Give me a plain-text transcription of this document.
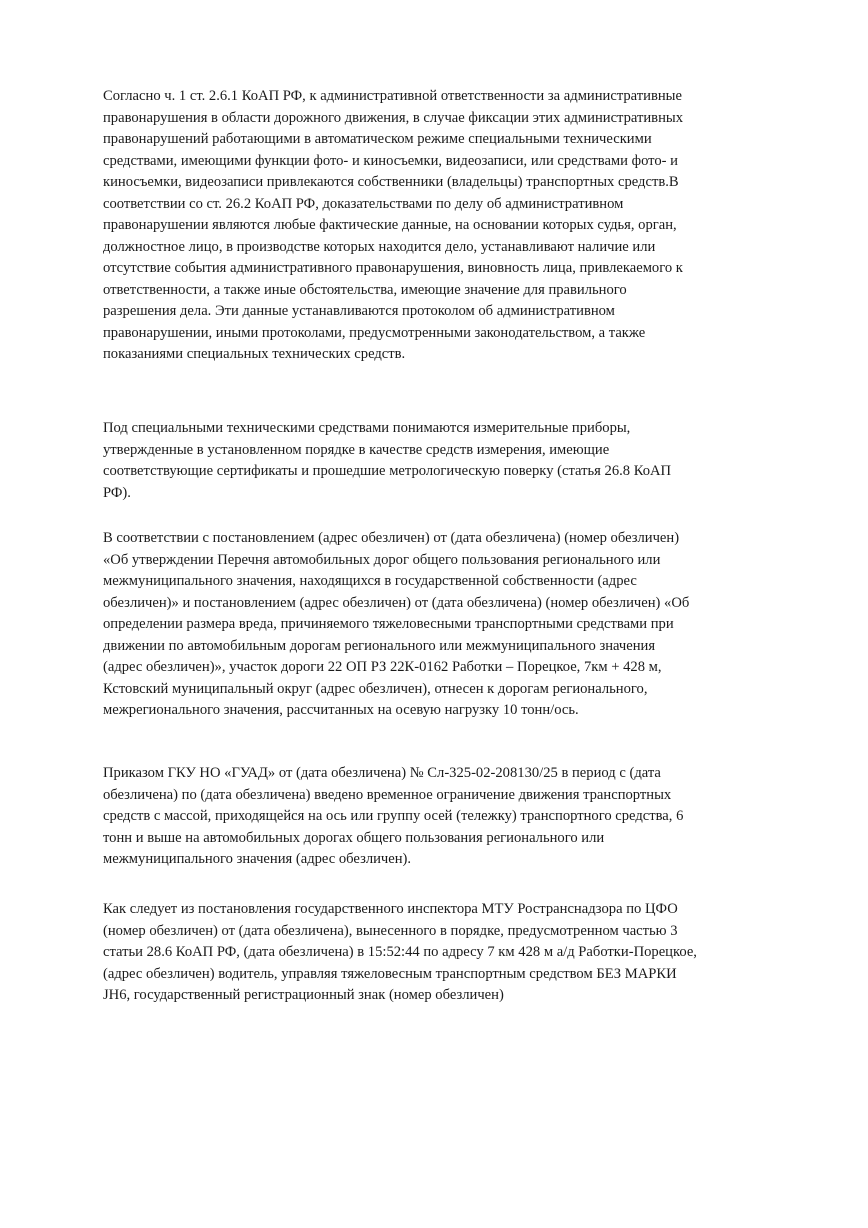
Согласно ч. 1 ст. 2.6.1 КоАП РФ, к административной ответственности за административные
правонарушения в области дорожного движения, в случае фиксации этих административных
правонарушений работающими в автоматическом режиме специальными техническими
средствами, имеющими функции фото- и киносъемки, видеозаписи, или средствами фото- и
киносъемки, видеозаписи привлекаются собственники (владельцы) транспортных средств.В
соответствии со ст. 26.2 КоАП РФ, доказательствами по делу об административном
правонарушении являются любые фактические данные, на основании которых судья, орган,
должностное лицо, в производстве которых находится дело, устанавливают наличие или
отсутствие события административного правонарушения, виновность лица, привлекаемого к
ответственности, а также иные обстоятельства, имеющие значение для правильного
разрешения дела. Эти данные устанавливаются протоколом об административном
правонарушении, иными протоколами, предусмотренными законодательством, а также
показаниями специальных технических средств.

Под специальными техническими средствами понимаются измерительные приборы,
утвержденные в установленном порядке в качестве средств измерения, имеющие
соответствующие сертификаты и прошедшие метрологическую поверку (статья 26.8 КоАП
РФ).

В соответствии с постановлением (адрес обезличен) от (дата обезличена) (номер обезличен)
«Об утверждении Перечня автомобильных дорог общего пользования регионального или
межмуниципального значения, находящихся в государственной собственности (адрес
обезличен)» и постановлением (адрес обезличен) от (дата обезличена) (номер обезличен) «Об
определении размера вреда, причиняемого тяжеловесными транспортными средствами при
движении по автомобильным дорогам регионального или межмуниципального значения
(адрес обезличен)», участок дороги 22 ОП РЗ 22К-0162 Работки – Порецкое, 7км + 428 м,
Кстовский муниципальный округ (адрес обезличен), отнесен к дорогам регионального,
межрегионального значения, рассчитанных на осевую нагрузку 10 тонн/ось.

Приказом ГКУ НО «ГУАД» от (дата обезличена) № Сл-325-02-208130/25 в период с (дата
обезличена) по (дата обезличена) введено временное ограничение движения транспортных
средств с массой, приходящейся на ось или группу осей (тележку) транспортного средства, 6
тонн и выше на автомобильных дорогах общего пользования регионального или
межмуниципального значения (адрес обезличен).

Как следует из постановления государственного инспектора МТУ Ространснадзора по ЦФО
(номер обезличен) от (дата обезличена), вынесенного в порядке, предусмотренном частью 3
статьи 28.6 КоАП РФ, (дата обезличена) в 15:52:44 по адресу 7 км 428 м а/д Работки-Порецкое,
(адрес обезличен) водитель, управляя тяжеловесным транспортным средством БЕЗ МАРКИ
JH6, государственный регистрационный знак (номер обезличен)
